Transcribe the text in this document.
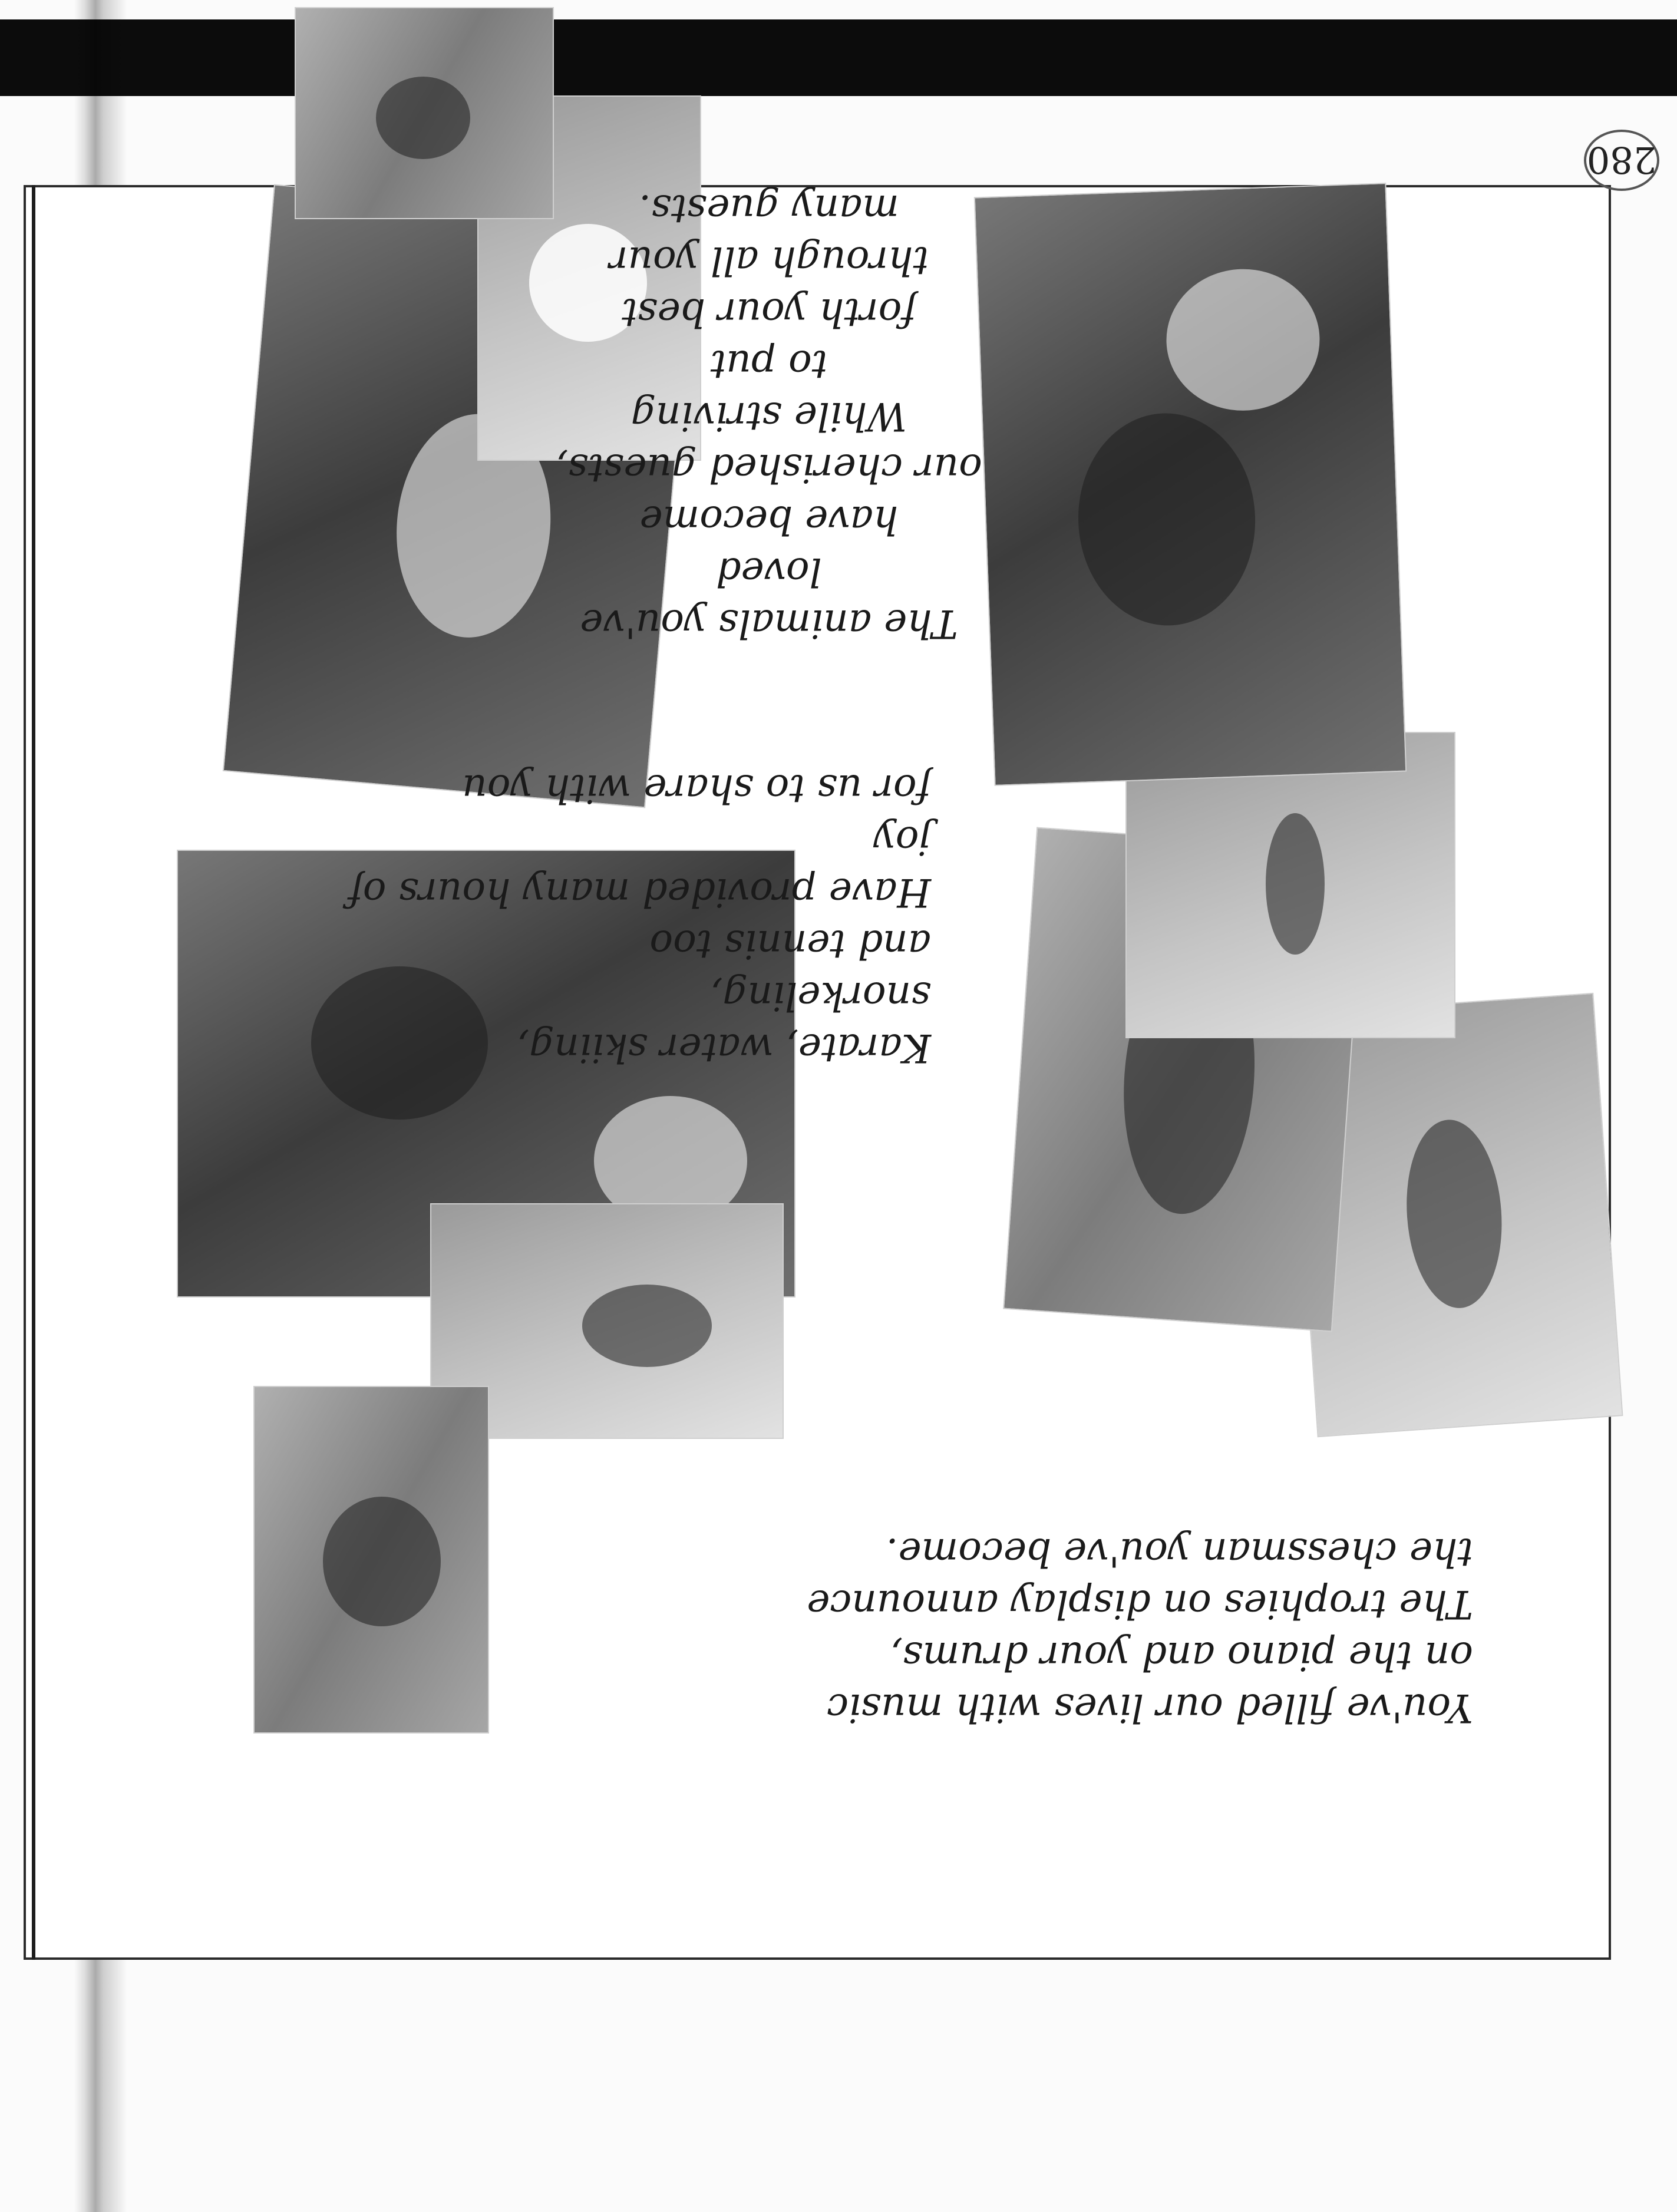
You've filled our lives with music
on the piano and your drums,
The trophies on display announce
the chessman you've become.

Karate, water skiing, snorkeling,
and tennis too
Have provided many hours of joy
for us to share with you

The animals you've loved
have become
our cherished guests,
While striving
to put
forth your best
through all your
many guests.

280
